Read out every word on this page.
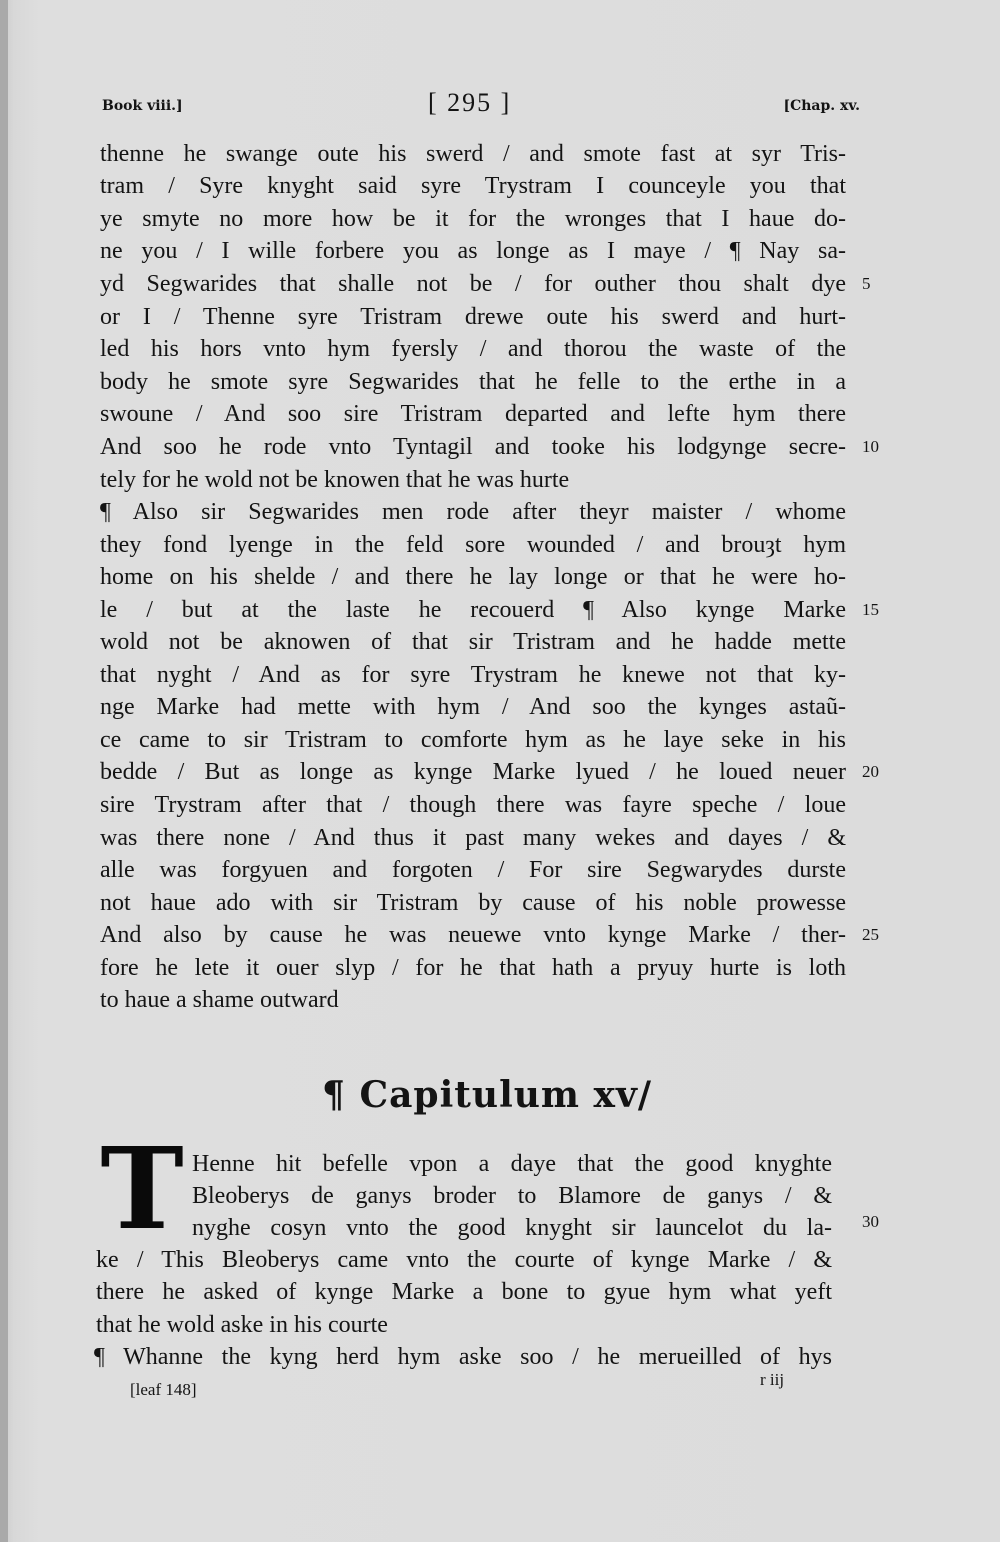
Book viii.]	[ 295 ]	[Chap. xv.
thenne he swange oute his swerd / and smote fast at syr Tris-
tram / Syre knyght said syre Trystram I counceyle you that
ye smyte no more how be it for the wronges that I haue do-
ne you / I wille forbere you as longe as I maye / ¶ Nay sa-
yd Segwarides that shalle not be / for outher thou shalt dye
or I / Thenne syre Tristram drewe oute his swerd and hurt-
led his hors vnto hym fyersly / and thorou the waste of the
body he smote syre Segwarides that he felle to the erthe in a
swoune / And soo sire Tristram departed and lefte hym there
And soo he rode vnto Tyntagil and tooke his lodgynge secre-
tely for he wold not be knowen that he was hurte
¶ Also sir Segwarides men rode after theyr maister / whome
they fond lyenge in the feld sore wounded / and brouȝt hym
home on his shelde / and there he lay longe or that he were ho-
le / but at the laste he recouerd ¶ Also kynge Marke
wold not be aknowen of that sir Tristram and he hadde mette
that nyght / And as for syre Trystram he knewe not that ky-
nge Marke had mette with hym / And soo the kynges astaũ-
ce came to sir Tristram to comforte hym as he laye seke in his
bedde / But as longe as kynge Marke lyued / he loued neuer
sire Trystram after that / though there was fayre speche / loue
was there none / And thus it past many wekes and dayes / &
alle was forgyuen and forgoten / For sire Segwarydes durste
not haue ado with sir Tristram by cause of his noble prowesse
And also by cause he was neuewe vnto kynge Marke / ther-
fore he lete it ouer slyp / for he that hath a pryuy hurte is loth
to haue a shame outward
5
10
15
20
25
30
¶ Capitulum xv/
T Henne hit befelle vpon a daye that the good knyghte
Bleoberys de ganys broder to Blamore de ganys / &
nyghe cosyn vnto the good knyght sir launcelot du la-
ke / This Bleoberys came vnto the courte of kynge Marke / &
there he asked of kynge Marke a bone to gyue hym what yeft
that he wold aske in his courte
¶ Whanne the kyng herd hym aske soo / he merueilled of hys
[leaf 148]
r iij
